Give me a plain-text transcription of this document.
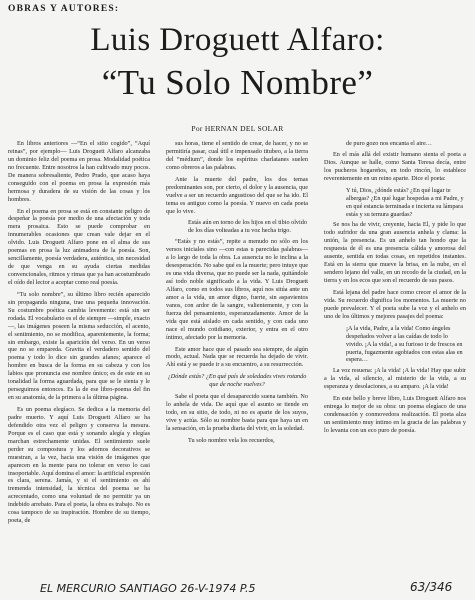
OBRAS Y AUTORES:
Luis Droguett Alfaro:
“Tu Solo Nombre”
Por HERNAN DEL SOLAR

En libros anteriores —“En el sitio cogido”, “Aquí reinas”, por ejemplo— Luis Droguett Alfaro alcanzaba un dominio feliz del poema en prosa. Modalidad poética no frecuente. Entre nosotros la han cultivado muy pocos. De manera sobresaliente, Pedro Prado, que acaso haya conseguido con el poema en prosa la expresión más hermosa y duradera de su visión de las cosas y los hombres.

En el poema en prosa se está en constante peligro de despeñar la poesía por medio de una afectación y toda mera prosaica. Esto se puede comprobar en innumerables ocasiones que crean vale dejar en el olvido. Luis Droguett Alfaro pone en el alma de sus poemas en prosa la luz animadora de la poesía. Son, sencillamente, poesía verdadera, auténtica, sin necesidad de que venga en su ayuda ciertas medidas convencionales, ritmos y rimas que ya han acostumbrado el oído del lector a aceptar como real poesía.

“Tu solo nombre”, su último libro recién aparecido sin propaganda ninguna, trae una pequeña innovación. Su costumbre poética cambia levemente: está sin ser rodada. El vocabulario es el de siempre —simple, exacto—, las imágenes poseen la misma seducción, el acento, el sentimiento, no se modifica, aparentemente, la forma; sin embargo, existe la aparición del verso. En un verso que no se empareda. Gravita el verdadero sentido del poema y todo lo dice sin grandes afanes; aparece el hombre en busca de la forma en su cabeza y con los labios que pronuncia ese nombre único; es de este en su tonalidad la forma aguardada, para que se le sienta y le perseguimos entonces. Es la de ese libro-poema del fin en su anatomía, de la primera a la última página.

Es un poema elegíaco. Se dedica a la memoria del padre muerto. Y aquí Luis Droguett Alfaro se ha defendido otra vez el peligro y conserva la mesura. Porque es el caso que está y sonando alegía y elegías marchan estrechamente unidas. El sentimiento suele perder su compostura y los adornos decorativos se muestran, a la vez, hacia una visión de imágenes que aparecen en la mente para no tolerar en verso lo casi insoportable. Aquí domina el amor: la artificial expresión es clara, serena. Jamás, y si el sentimiento es ahí tremenda intensidad, la técnica del poema se ha acrecentado, como una voluntad de no permitir ya un indebido arrebato. Para el poeta, la obra es trabajo. No es cosa tampoco de su inspiración. Hombre de su tiempo, poeta, de

sus horas, tiene el sentido de crear, de hacer, y no se permitiría pasar, cual útil e impensado titubeo, a la tierra del “médium”, donde los espíritus charlatanes suelen como obreros a las palabras.

Ante la muerte del padre, los dos temas predominantes son, por cierto, el dolor y la ausencia, que vuelve a ser un recuerdo angustioso del que se ha ido. El tema es antiguo como la poesía. Y nuevo en cada poeta que lo vive.

Estás aún en torno de los hijos en el tibio olvido de los días volteadas a tu voz hecha trigo.

“Estás y no estás”, repite a menudo no sólo en los versos iniciales sino —con estas u parecidas palabras— a lo largo de toda la obra. La ausencia no le inclina a la desesperación. No sabe qué es la muerte; pero intuye que es una vida diversa, que no puede ser la nada, quitándole así todo noble significado a la vida. Y Luis Droguett Alfaro, como en todos sus libros, aquí nos sitúa ante un amor a la vida, un amor digno, fuerte, sin aspavientos vanos, con ardor de la sangre, valientemente, y con la fuerza del pensamiento, esperanzadamente. Amor de la vida que está aislado en cada sentido, y con cada uno nace el mundo cotidiano, exterior, y entra en el otro íntimo, afectado por la memoria.

Este amor hace que el pasado sea siempre, de algún modo, actual. Nada que se recuerda ha dejado de vivir. Ahí está y se puede ir a su encuentro, a su resurrección.

¿Dónde estás? ¿En qué país de soledades vives rotando que de noche vuelves?

Sabe el poeta que el desaparecido suena también. No lo anhela de vida. De aquí que el asunto se tiende en todo, en su sitio, de todo, ni no es aparte de los suyos, vive y actúa. Sólo su nombre basta para que haya un en la sensación, en la prueba diaria del vivir, en la soledad.

Tu solo nombre vela los recuerdos,

de puro gozo nos encanta el aire…

En el más allá del existir humano sienta el poeta a Dios. Aunque se halle, como Santa Teresa decía, entre los pucheros hogareños, en todo rincón, lo establece reverentemente en un reino aparte. Dice el poeta:

Y tú, Dios, ¿dónde estás? ¿En qué lugar te albergas? ¿En qué lugar hospedas a mi Padre, y en qué estancia terminada e incierta su lámpara estás y su ternura guardas?

Se nos ha de vivir, creyente, hacia El, y pide lo que todo sufridor da una gran ausencia anhela y clama: la unión, la presencia. Es un anhelo tan hondo que la respuesta de él es una presencia cálida y amorosa del ausente, sentida en todas cosas, en repetidos instantes. Está en la sierra que mueve la brisa, en la nube, en el sendero lejano del valle, en un recodo de la ciudad, en la tierra y en los ecos que son el recuerdo de sus pasos.

Está lejana del padre hace como crecer el amor de la vida. Su recuerdo dignifica los momentos. La muerte no puede prevalecer. Y el poeta sube la voz y el anhelo en uno de los últimos y mejores pasajes del poema:

¡A la vida, Padre, a la vida! Como ángeles despeñados volver a las caídas de todo lo vivido. ¡A la vida!, a su furioso ir de frescos en puerta, fugazmente agobiados con estas alas en espera…

La voz resuena: ¡A la vida! ¡A la vida! Hay que subir a la vida, al silencio, al misterio de la vida, a su esperanza y desolaciones, a su amparo. ¡A la vida!

En este bello y breve libro, Luis Droguett Alfaro nos entrega lo mejor de su obra: un poema elegíaco de una condensación y conmovedora realización. El poeta alza un sentimiento muy íntimo en la gracia de las palabras y lo levanta con un eco puro de poesía.

EL MERCURIO SANTIAGO 26-V-1974 P.5	63/346
